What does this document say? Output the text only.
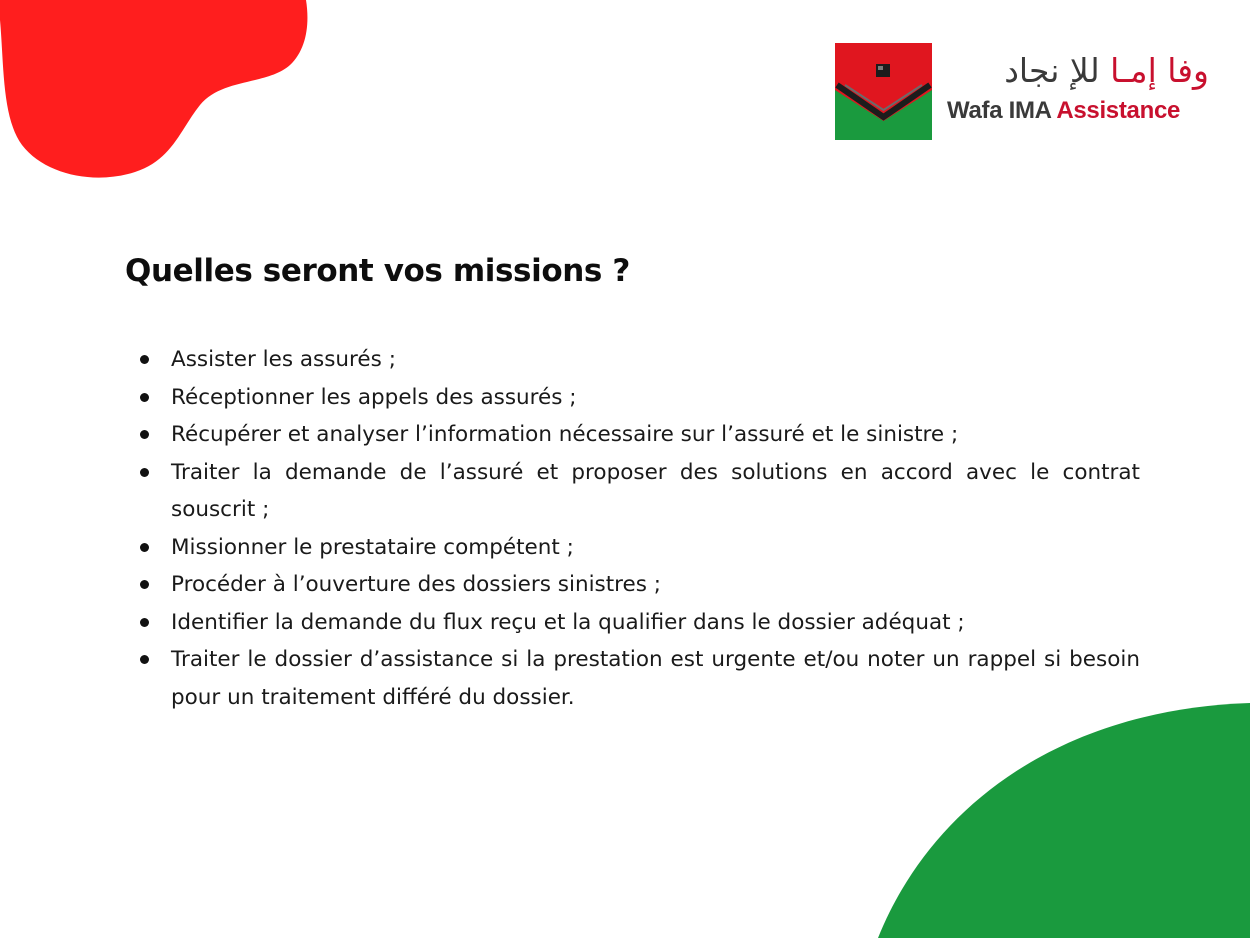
وفا إمـا للإ نجاد
Wafa IMA Assistance
Quelles seront vos missions ?
Assister les assurés ;
Réceptionner les appels des assurés ;
Récupérer et analyser l’information nécessaire sur l’assuré et le sinistre ;
Traiter la demande de l’assuré et proposer des solutions en accord avec le contrat souscrit ;
Missionner le prestataire compétent ;
Procéder à l’ouverture des dossiers sinistres ;
Identifier la demande du flux reçu et la qualifier dans le dossier adéquat ;
Traiter le dossier d’assistance si la prestation est urgente et/ou noter un rappel si besoin pour un traitement différé du dossier.
